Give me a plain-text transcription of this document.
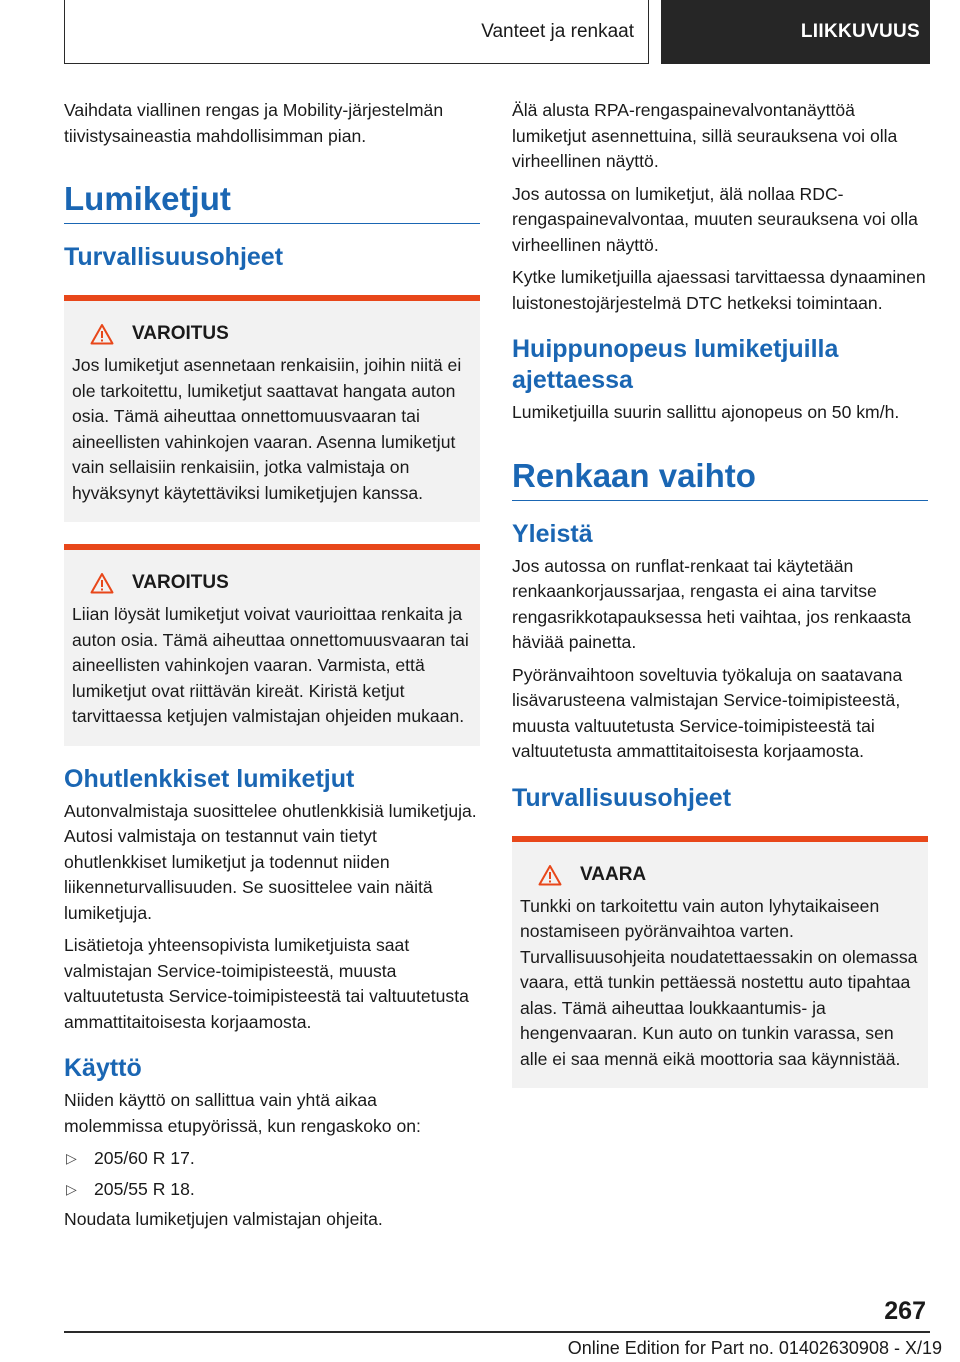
Vanteet ja renkaat	LIIKKUVUUS

Vaihdata viallinen rengas ja Mobility-järjestelmän tiivistysaineastia mahdollisimman pian.

Lumiketjut
Turvallisuusohjeet
VAROITUS

Jos lumiketjut asennetaan renkaisiin, joihin niitä ei ole tarkoitettu, lumiketjut saattavat hangata auton osia. Tämä aiheuttaa onnettomuusvaaran tai aineellisten vahinkojen vaaran. Asenna lumiketjut vain sellaisiin renkaisiin, jotka valmistaja on hyväksynyt käytettäviksi lumiketjujen kanssa.

VAROITUS

Liian löysät lumiketjut voivat vaurioittaa renkaita ja auton osia. Tämä aiheuttaa onnettomuusvaaran tai aineellisten vahinkojen vaaran. Varmista, että lumiketjut ovat riittävän kireät. Kiristä ketjut tarvittaessa ketjujen valmistajan ohjeiden mukaan.

Ohutlenkkiset lumiketjut

Autonvalmistaja suosittelee ohutlenkkisiä lumiketjuja. Autosi valmistaja on testannut vain tietyt ohutlenkkiset lumiketjut ja todennut niiden liikenneturvallisuuden. Se suosittelee vain näitä lumiketjuja.

Lisätietoja yhteensopivista lumiketjuista saat valmistajan Service-toimipisteestä, muusta valtuutetusta Service-toimipisteestä tai valtuutetusta ammattitaitoisesta korjaamosta.

Käyttö

Niiden käyttö on sallittua vain yhtä aikaa molemmissa etupyörissä, kun rengaskoko on:

▷ 205/60 R 17.
▷ 205/55 R 18.

Noudata lumiketjujen valmistajan ohjeita.

Älä alusta RPA-rengaspainevalvontanäyttöä lumiketjut asennettuina, sillä seurauksena voi olla virheellinen näyttö.

Jos autossa on lumiketjut, älä nollaa RDC-rengaspainevalvontaa, muuten seurauksena voi olla virheellinen näyttö.

Kytke lumiketjuilla ajaessasi tarvittaessa dynaaminen luistonestojärjestelmä DTC hetkeksi toimintaan.

Huippunopeus lumiketjuilla ajettaessa

Lumiketjuilla suurin sallittu ajonopeus on 50 km/h.

Renkaan vaihto
Yleistä

Jos autossa on runflat-renkaat tai käytetään renkaankorjaussarjaa, rengasta ei aina tarvitse rengasrikkotapauksessa heti vaihtaa, jos renkaasta häviää painetta.

Pyöränvaihtoon soveltuvia työkaluja on saatavana lisävarusteena valmistajan Service-toimipisteestä, muusta valtuutetusta Service-toimipisteestä tai valtuutetusta ammattitaitoisesta korjaamosta.

Turvallisuusohjeet
VAARA

Tunkki on tarkoitettu vain auton lyhytaikaiseen nostamiseen pyöränvaihtoa varten. Turvallisuusohjeita noudatettaessakin on olemassa vaara, että tunkin pettäessä nostettu auto tipahtaa alas. Tämä aiheuttaa loukkaantumis- ja hengenvaaran. Kun auto on tunkin varassa, sen alle ei saa mennä eikä moottoria saa käynnistää.

267
Online Edition for Part no. 01402630908 - X/19
